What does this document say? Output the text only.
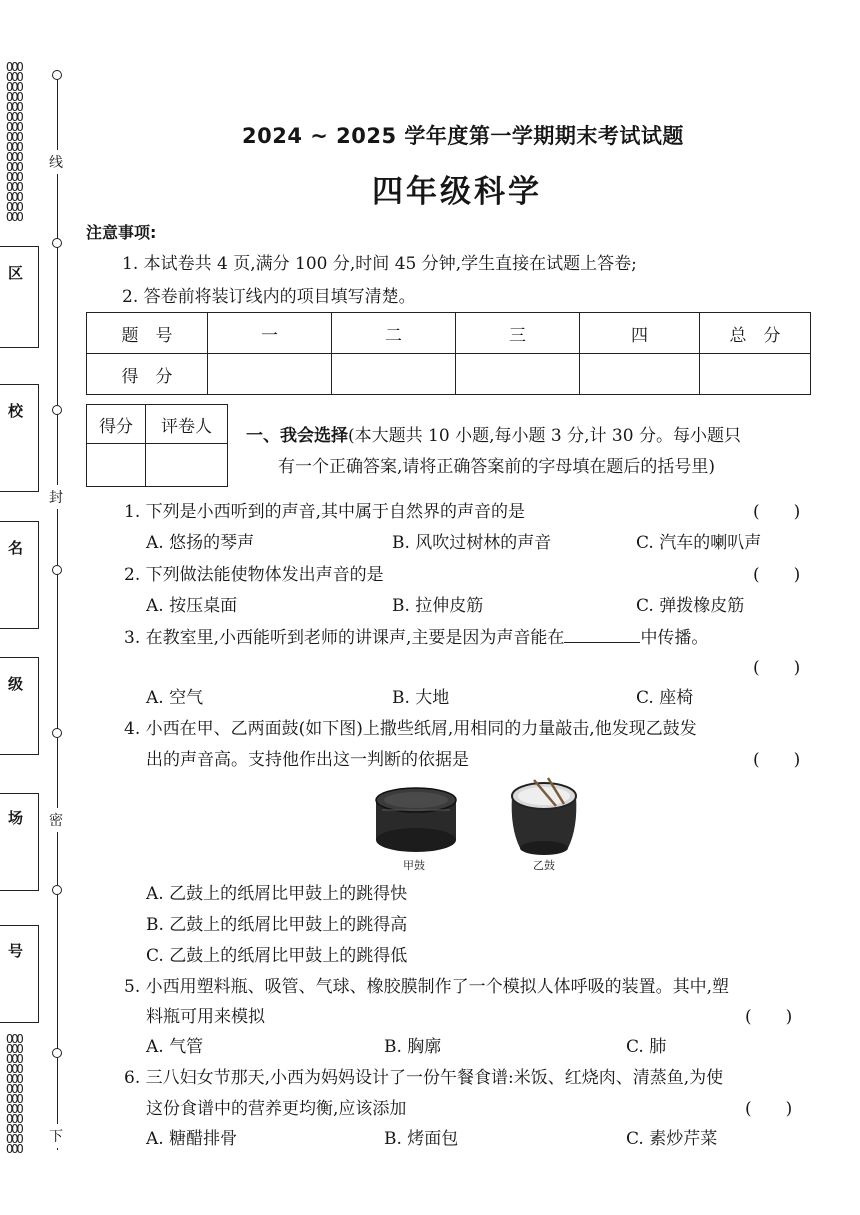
OOO
OOO
OOO
OOO
OOO
OOO
OOO
OOO
OOO
OOO
OOO
OOO
OOO
OOO
OOO
OOO
OOO
OOO
OOO
OOO
OOO
OOO
OOO
OOO
OOO
OOO
OOO
OOO
线
封
密
下
区
校
名
级
场
号
2024 ~ 2025 学年度第一学期期末考试试题
四年级科学
注意事项:
1. 本试卷共 4 页,满分 100 分,时间 45 分钟,学生直接在试题上答卷;
2. 答卷前将装订线内的项目填写清楚。
题　号	一	二	三	四	总　分
得　分					
得分	评卷人
	一、我会选择(本大题共 10 小题,每小题 3 分,计 30 分。每小题只
有一个正确答案,请将正确答案前的字母填在题后的括号里)
1. 下列是小西听到的声音,其中属于自然界的声音的是	(　　)
A. 悠扬的琴声	B. 风吹过树林的声音	C. 汽车的喇叭声
2. 下列做法能使物体发出声音的是	(　　)
A. 按压桌面	B. 拉伸皮筋	C. 弹拨橡皮筋
3. 在教室里,小西能听到老师的讲课声,主要是因为声音能在	中传播。
(　　)
A. 空气	B. 大地	C. 座椅
4. 小西在甲、乙两面鼓(如下图)上撒些纸屑,用相同的力量敲击,他发现乙鼓发
出的声音高。支持他作出这一判断的依据是	(　　)
甲鼓	乙鼓
A. 乙鼓上的纸屑比甲鼓上的跳得快
B. 乙鼓上的纸屑比甲鼓上的跳得高
C. 乙鼓上的纸屑比甲鼓上的跳得低
5. 小西用塑料瓶、吸管、气球、橡胶膜制作了一个模拟人体呼吸的装置。其中,塑
料瓶可用来模拟	(　　)
A. 气管	B. 胸廓	C. 肺
6. 三八妇女节那天,小西为妈妈设计了一份午餐食谱:米饭、红烧肉、清蒸鱼,为使
这份食谱中的营养更均衡,应该添加	(　　)
A. 糖醋排骨	B. 烤面包	C. 素炒芹菜
